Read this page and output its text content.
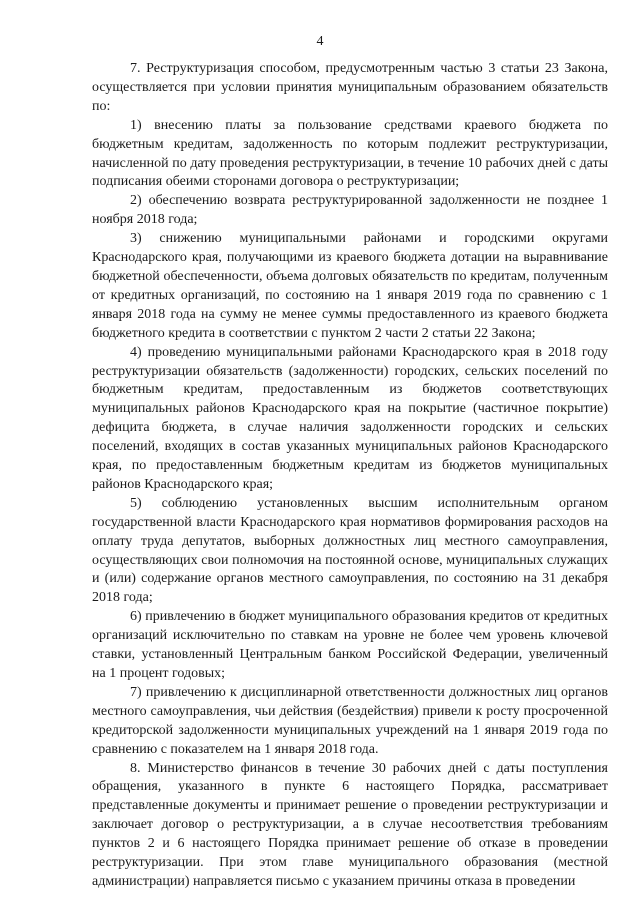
4

7. Реструктуризация способом, предусмотренным частью 3 статьи 23 Закона, осуществляется при условии принятия муниципальным образованием обязательств по:

1) внесению платы за пользование средствами краевого бюджета по бюджетным кредитам, задолженность по которым подлежит реструктуризации, начисленной по дату проведения реструктуризации, в течение 10 рабочих дней с даты подписания обеими сторонами договора о реструктуризации;

2) обеспечению возврата реструктурированной задолженности не позднее 1 ноября 2018 года;

3) снижению муниципальными районами и городскими округами Краснодарского края, получающими из краевого бюджета дотации на выравнивание бюджетной обеспеченности, объема долговых обязательств по кредитам, полученным от кредитных организаций, по состоянию на 1 января 2019 года по сравнению с 1 января 2018 года на сумму не менее суммы предоставленного из краевого бюджета бюджетного кредита в соответствии с пунктом 2 части 2 статьи 22 Закона;

4) проведению муниципальными районами Краснодарского края в 2018 году реструктуризации обязательств (задолженности) городских, сельских поселений по бюджетным кредитам, предоставленным из бюджетов соответствующих муниципальных районов Краснодарского края на покрытие (частичное покрытие) дефицита бюджета, в случае наличия задолженности городских и сельских поселений, входящих в состав указанных муниципальных районов Краснодарского края, по предоставленным бюджетным кредитам из бюджетов муниципальных районов Краснодарского края;

5) соблюдению установленных высшим исполнительным органом государственной власти Краснодарского края нормативов формирования расходов на оплату труда депутатов, выборных должностных лиц местного самоуправления, осуществляющих свои полномочия на постоянной основе, муниципальных служащих и (или) содержание органов местного самоуправления, по состоянию на 31 декабря 2018 года;

6) привлечению в бюджет муниципального образования кредитов от кредитных организаций исключительно по ставкам на уровне не более чем уровень ключевой ставки, установленный Центральным банком Российской Федерации, увеличенный на 1 процент годовых;

7) привлечению к дисциплинарной ответственности должностных лиц органов местного самоуправления, чьи действия (бездействия) привели к росту просроченной кредиторской задолженности муниципальных учреждений на 1 января 2019 года по сравнению с показателем на 1 января 2018 года.

8. Министерство финансов в течение 30 рабочих дней с даты поступления обращения, указанного в пункте 6 настоящего Порядка, рассматривает представленные документы и принимает решение о проведении реструктуризации и заключает договор о реструктуризации, а в случае несоответствия требованиям пунктов 2 и 6 настоящего Порядка принимает решение об отказе в проведении реструктуризации. При этом главе муниципального образования (местной администрации) направляется письмо с указанием причины отказа в проведении
